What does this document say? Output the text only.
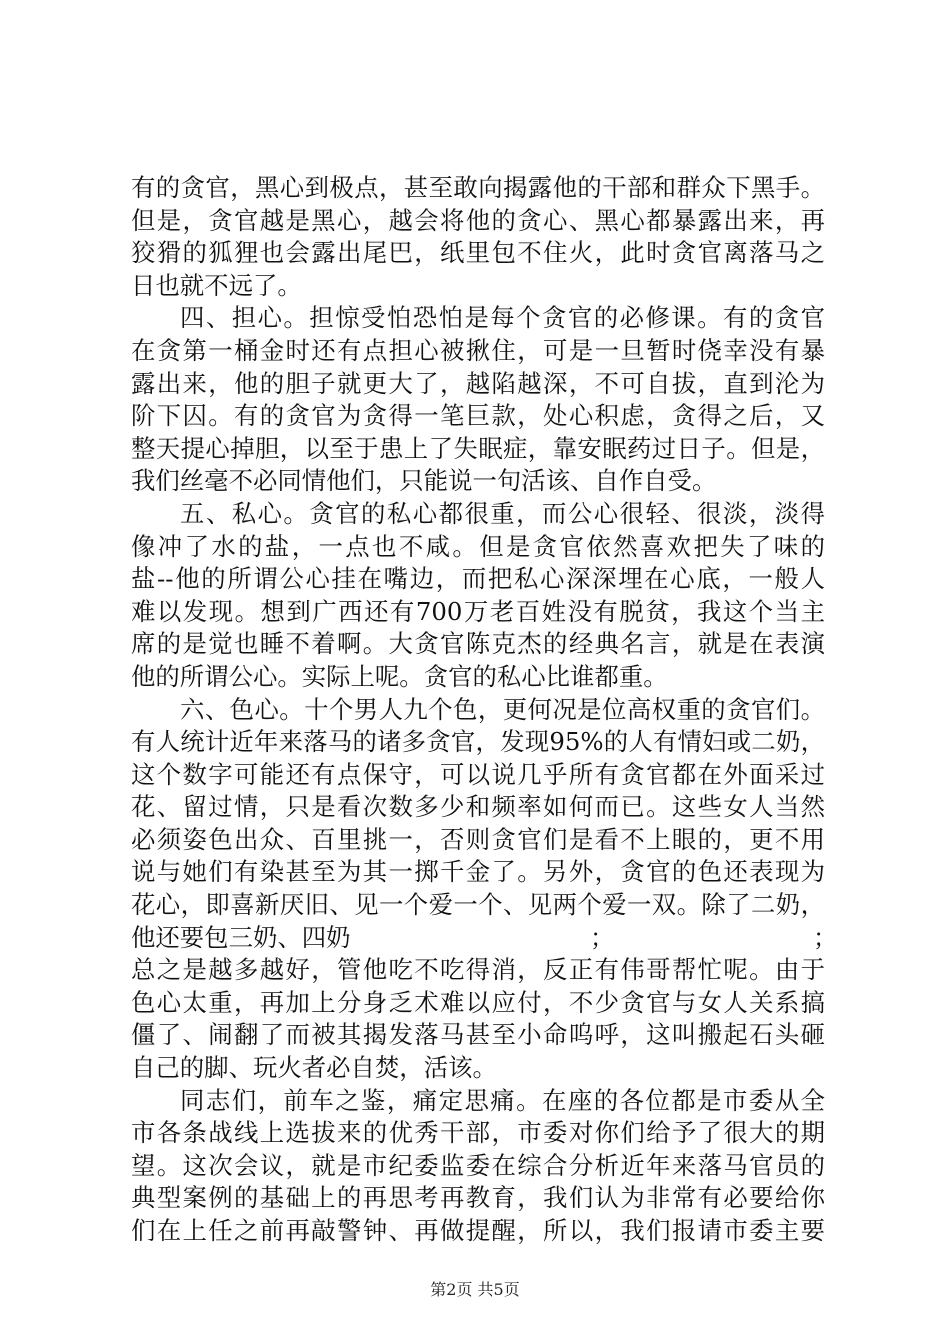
有的贪官，黑心到极点，甚至敢向揭露他的干部和群众下黑手。
但是，贪官越是黑心，越会将他的贪心、黑心都暴露出来，再
狡猾的狐狸也会露出尾巴，纸里包不住火，此时贪官离落马之
日也就不远了。
四、担心。担惊受怕恐怕是每个贪官的必修课。有的贪官
在贪第一桶金时还有点担心被揪住，可是一旦暂时侥幸没有暴
露出来，他的胆子就更大了，越陷越深，不可自拔，直到沦为
阶下囚。有的贪官为贪得一笔巨款，处心积虑，贪得之后，又
整天提心掉胆，以至于患上了失眠症，靠安眠药过日子。但是，
我们丝毫不必同情他们，只能说一句活该、自作自受。
五、私心。贪官的私心都很重，而公心很轻、很淡，淡得
像冲了水的盐，一点也不咸。但是贪官依然喜欢把失了味的
盐--他的所谓公心挂在嘴边，而把私心深深埋在心底，一般人
难以发现。想到广西还有700万老百姓没有脱贫，我这个当主
席的是觉也睡不着啊。大贪官陈克杰的经典名言，就是在表演
他的所谓公心。实际上呢。贪官的私心比谁都重。
六、色心。十个男人九个色，更何况是位高权重的贪官们。
有人统计近年来落马的诸多贪官，发现95%的人有情妇或二奶，
这个数字可能还有点保守，可以说几乎所有贪官都在外面采过
花、留过情，只是看次数多少和频率如何而已。这些女人当然
必须姿色出众、百里挑一，否则贪官们是看不上眼的，更不用
说与她们有染甚至为其一掷千金了。另外，贪官的色还表现为
花心，即喜新厌旧、见一个爱一个、见两个爱一双。除了二奶，
他还要包三奶、四奶	；	；
总之是越多越好，管他吃不吃得消，反正有伟哥帮忙呢。由于
色心太重，再加上分身乏术难以应付，不少贪官与女人关系搞
僵了、闹翻了而被其揭发落马甚至小命呜呼，这叫搬起石头砸
自己的脚、玩火者必自焚，活该。
同志们，前车之鉴，痛定思痛。在座的各位都是市委从全
市各条战线上选拔来的优秀干部，市委对你们给予了很大的期
望。这次会议，就是市纪委监委在综合分析近年来落马官员的
典型案例的基础上的再思考再教育，我们认为非常有必要给你
们在上任之前再敲警钟、再做提醒，所以，我们报请市委主要
第2页 共5页
